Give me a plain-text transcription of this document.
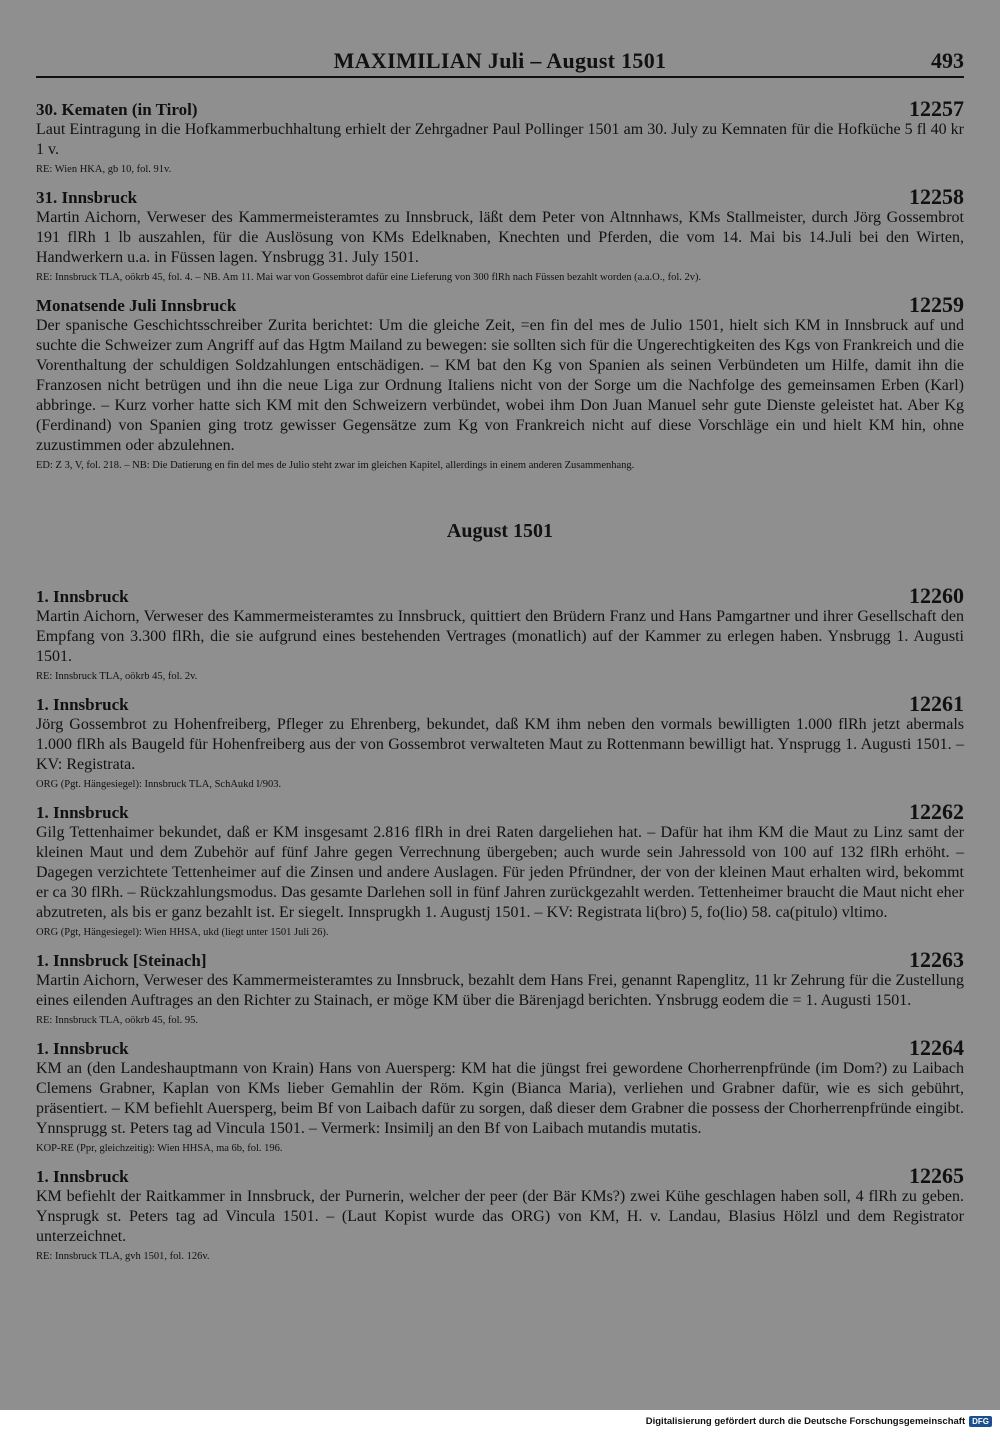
MAXIMILIAN Juli – August 1501	493
30. Kematen (in Tirol)	12257

Laut Eintragung in die Hofkammerbuchhaltung erhielt der Zehrgadner Paul Pollinger 1501 am 30. July zu Kemnaten für die Hofküche 5 fl 40 kr 1 v.

RE: Wien HKA, gb 10, fol. 91v.

31. Innsbruck	12258

Martin Aichorn, Verweser des Kammermeisteramtes zu Innsbruck, läßt dem Peter von Altnnhaws, KMs Stallmeister, durch Jörg Gossembrot 191 flRh 1 lb auszahlen, für die Auslösung von KMs Edelknaben, Knechten und Pferden, die vom 14. Mai bis 14.Juli bei den Wirten, Handwerkern u.a. in Füssen lagen. Ynsbrugg 31. July 1501.

RE: Innsbruck TLA, oökrb 45, fol. 4. – NB. Am 11. Mai war von Gossembrot dafür eine Lieferung von 300 flRh nach Füssen bezahlt worden (a.a.O., fol. 2v).

Monatsende Juli Innsbruck	12259

Der spanische Geschichtsschreiber Zurita berichtet: Um die gleiche Zeit, =en fin del mes de Julio 1501, hielt sich KM in Innsbruck auf und suchte die Schweizer zum Angriff auf das Hgtm Mailand zu bewegen: sie sollten sich für die Ungerechtigkeiten des Kgs von Frankreich und die Vorenthaltung der schuldigen Soldzahlungen entschädigen. – KM bat den Kg von Spanien als seinen Verbündeten um Hilfe, damit ihn die Franzosen nicht betrügen und ihn die neue Liga zur Ordnung Italiens nicht von der Sorge um die Nachfolge des gemeinsamen Erben (Karl) abbringe. – Kurz vorher hatte sich KM mit den Schweizern verbündet, wobei ihm Don Juan Manuel sehr gute Dienste geleistet hat. Aber Kg (Ferdinand) von Spanien ging trotz gewisser Gegensätze zum Kg von Frankreich nicht auf diese Vorschläge ein und hielt KM hin, ohne zuzustimmen oder abzulehnen.

ED: Z 3, V, fol. 218. – NB: Die Datierung en fin del mes de Julio steht zwar im gleichen Kapitel, allerdings in einem anderen Zusammenhang.

August 1501
1. Innsbruck	12260

Martin Aichorn, Verweser des Kammermeisteramtes zu Innsbruck, quittiert den Brüdern Franz und Hans Pamgartner und ihrer Gesellschaft den Empfang von 3.300 flRh, die sie aufgrund eines bestehenden Vertrages (monatlich) auf der Kammer zu erlegen haben. Ynsbrugg 1. Augusti 1501.

RE: Innsbruck TLA, oökrb 45, fol. 2v.

1. Innsbruck	12261

Jörg Gossembrot zu Hohenfreiberg, Pfleger zu Ehrenberg, bekundet, daß KM ihm neben den vormals bewilligten 1.000 flRh jetzt abermals 1.000 flRh als Baugeld für Hohenfreiberg aus der von Gossembrot verwalteten Maut zu Rottenmann bewilligt hat. Ynsprugg 1. Augusti 1501. – KV: Registrata.

ORG (Pgt. Hängesiegel): Innsbruck TLA, SchAukd I/903.

1. Innsbruck	12262

Gilg Tettenhaimer bekundet, daß er KM insgesamt 2.816 flRh in drei Raten dargeliehen hat. – Dafür hat ihm KM die Maut zu Linz samt der kleinen Maut und dem Zubehör auf fünf Jahre gegen Verrechnung übergeben; auch wurde sein Jahressold von 100 auf 132 flRh erhöht. – Dagegen verzichtete Tettenheimer auf die Zinsen und andere Auslagen. Für jeden Pfründner, der von der kleinen Maut erhalten wird, bekommt er ca 30 flRh. – Rückzahlungsmodus. Das gesamte Darlehen soll in fünf Jahren zurückgezahlt werden. Tettenheimer braucht die Maut nicht eher abzutreten, als bis er ganz bezahlt ist. Er siegelt. Innsprugkh 1. Augustj 1501. – KV: Registrata li(bro) 5, fo(lio) 58. ca(pitulo) vltimo.

ORG (Pgt, Hängesiegel): Wien HHSA, ukd (liegt unter 1501 Juli 26).

1. Innsbruck [Steinach]	12263

Martin Aichorn, Verweser des Kammermeisteramtes zu Innsbruck, bezahlt dem Hans Frei, genannt Rapenglitz, 11 kr Zehrung für die Zustellung eines eilenden Auftrages an den Richter zu Stainach, er möge KM über die Bärenjagd berichten. Ynsbrugg eodem die = 1. Augusti 1501.

RE: Innsbruck TLA, oökrb 45, fol. 95.

1. Innsbruck	12264

KM an (den Landeshauptmann von Krain) Hans von Auersperg: KM hat die jüngst frei gewordene Chorherrenpfründe (im Dom?) zu Laibach Clemens Grabner, Kaplan von KMs lieber Gemahlin der Röm. Kgin (Bianca Maria), verliehen und Grabner dafür, wie es sich gebührt, präsentiert. – KM befiehlt Auersperg, beim Bf von Laibach dafür zu sorgen, daß dieser dem Grabner die possess der Chorherrenpfründe eingibt. Ynnsprugg st. Peters tag ad Vincula 1501. – Vermerk: Insimilj an den Bf von Laibach mutandis mutatis.

KOP-RE (Ppr, gleichzeitig): Wien HHSA, ma 6b, fol. 196.

1. Innsbruck	12265

KM befiehlt der Raitkammer in Innsbruck, der Purnerin, welcher der peer (der Bär KMs?) zwei Kühe geschlagen haben soll, 4 flRh zu geben. Ynsprugk st. Peters tag ad Vincula 1501. – (Laut Kopist wurde das ORG) von KM, H. v. Landau, Blasius Hölzl und dem Registrator unterzeichnet.

RE: Innsbruck TLA, gvh 1501, fol. 126v.

Digitalisierung gefördert durch die Deutsche Forschungsgemeinschaft DFG
